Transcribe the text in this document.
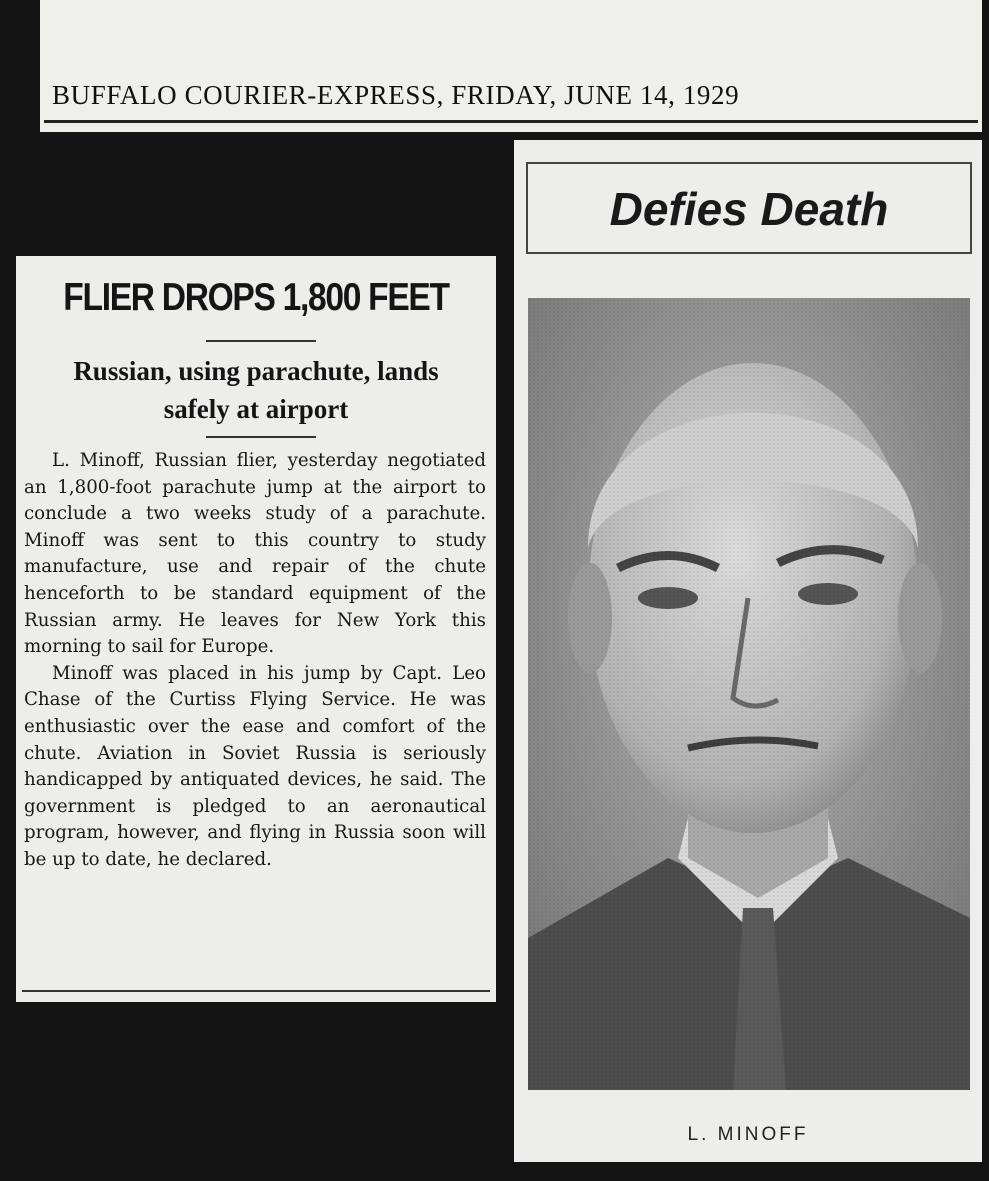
BUFFALO COURIER-EXPRESS, FRIDAY, JUNE 14, 1929
FLIER DROPS 1,800 FEET
Russian, using parachute, lands
safely at airport

L. Minoff, Russian flier, yesterday negotiated an 1,800-foot parachute jump at the airport to conclude a two weeks study of a parachute. Minoff was sent to this country to study manufacture, use and repair of the chute henceforth to be standard equipment of the Russian army. He leaves for New York this morning to sail for Europe.

Minoff was placed in his jump by Capt. Leo Chase of the Curtiss Flying Service. He was enthusiastic over the ease and comfort of the chute. Aviation in Soviet Russia is seriously handicapped by antiquated devices, he said. The government is pledged to an aeronautical program, however, and flying in Russia soon will be up to date, he declared.

Defies Death
L. MINOFF
